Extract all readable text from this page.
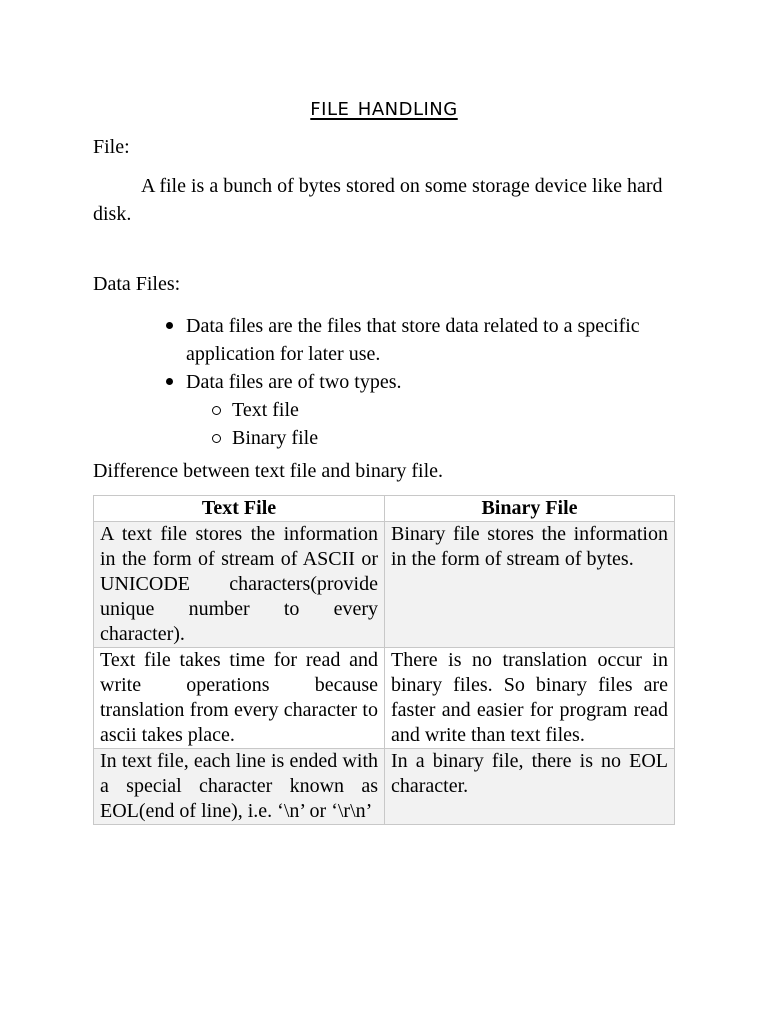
file handling

File:

A file is a bunch of bytes stored on some storage device like hard disk.

Data Files:

Data files are the files that store data related to a specific application for later use.
Data files are of two types.
Text file
Binary file

Difference between text file and binary file.

Text File	Binary File
A text file stores the information in the form of stream of ASCII or UNICODE characters(provide unique number to every character).	Binary file stores the information in the form of stream of bytes.
Text file takes time for read and write operations because translation from every character to ascii takes place.	There is no translation occur in binary files. So binary files are faster and easier for program read and write than text files.
In text file, each line is ended with a special character known as EOL(end of line), i.e. ‘\n’ or ‘\r\n’	In a binary file, there is no EOL character.
